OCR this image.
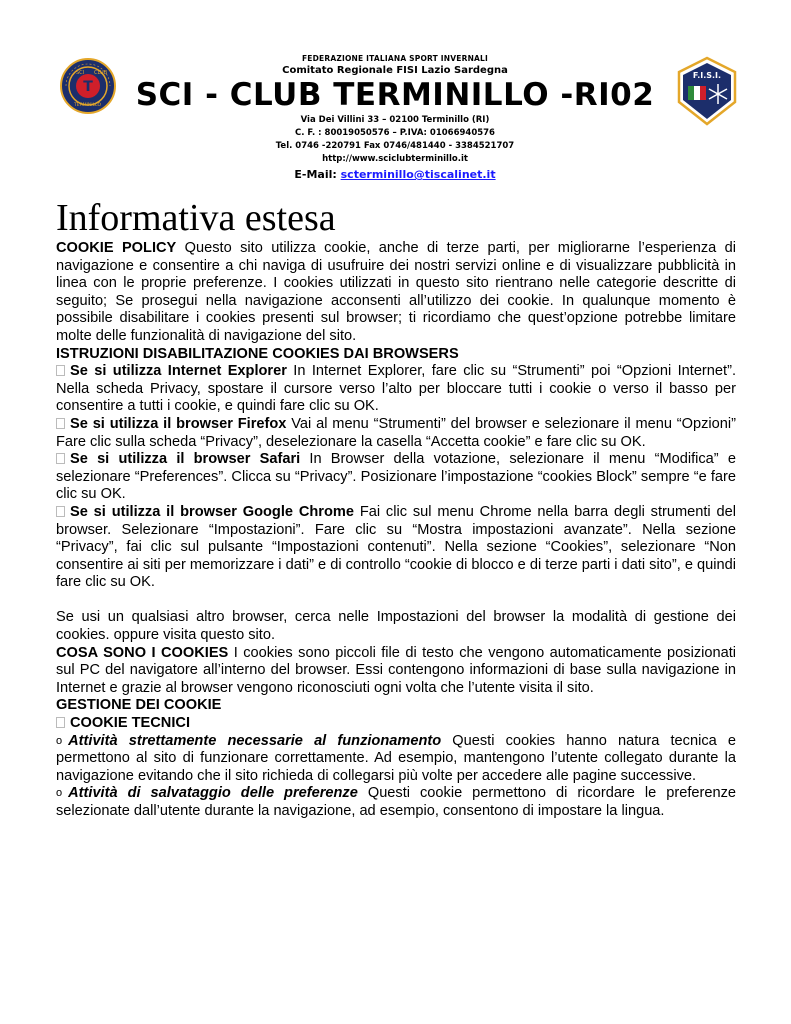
T
SCI CLUB
TERMINILLO
FEDERAZIONE ITALIANA SPORT INVERNALI
Comitato Regionale FISI Lazio Sardegna
SCI - CLUB TERMINILLO -RI02
Via Dei Villini 33 – 02100 Terminillo (RI)
C. F. : 80019050576 – P.IVA: 01066940576
Tel. 0746 -220791 Fax 0746/481440 - 3384521707
http://www.sciclubterminillo.it
E-Mail: scterminillo@tiscalinet.it
F.I.S.I.
Informativa estesa

COOKIE POLICY Questo sito utilizza cookie, anche di terze parti, per migliorarne l’esperienza di navigazione e consentire a chi naviga di usufruire dei nostri servizi online e di visualizzare pubblicità in linea con le proprie preferenze. I cookies utilizzati in questo sito rientrano nelle categorie descritte di seguito; Se prosegui nella navigazione acconsenti all’utilizzo dei cookie. In qualunque momento è possibile disabilitare i cookies presenti sul browser; ti ricordiamo che quest’opzione potrebbe limitare molte delle funzionalità di navigazione del sito.

ISTRUZIONI DISABILITAZIONE COOKIES DAI BROWSERS

Se si utilizza Internet Explorer In Internet Explorer, fare clic su “Strumenti” poi “Opzioni Internet”. Nella scheda Privacy, spostare il cursore verso l’alto per bloccare tutti i cookie o verso il basso per consentire a tutti i cookie, e quindi fare clic su OK.

Se si utilizza il browser Firefox Vai al menu “Strumenti” del browser e selezionare il menu “Opzioni” Fare clic sulla scheda “Privacy”, deselezionare la casella “Accetta cookie” e fare clic su OK.

Se si utilizza il browser Safari In Browser della votazione, selezionare il menu “Modifica” e selezionare “Preferences”. Clicca su “Privacy”. Posizionare l’impostazione “cookies Block” sempre “e fare clic su OK.

Se si utilizza il browser Google Chrome Fai clic sul menu Chrome nella barra degli strumenti del browser. Selezionare “Impostazioni”. Fare clic su “Mostra impostazioni avanzate”. Nella sezione “Privacy”, fai clic sul pulsante “Impostazioni contenuti”. Nella sezione “Cookies”, selezionare “Non consentire ai siti per memorizzare i dati” e di controllo “cookie di blocco e di terze parti i dati sito”, e quindi fare clic su OK.

Se usi un qualsiasi altro browser, cerca nelle Impostazioni del browser la modalità di gestione dei cookies. oppure visita questo sito.

COSA SONO I COOKIES I cookies sono piccoli file di testo che vengono automaticamente posizionati sul PC del navigatore all’interno del browser. Essi contengono informazioni di base sulla navigazione in Internet e grazie al browser vengono riconosciuti ogni volta che l’utente visita il sito.

GESTIONE DEI COOKIE

COOKIE TECNICI

o Attività strettamente necessarie al funzionamento Questi cookies hanno natura tecnica e permettono al sito di funzionare correttamente. Ad esempio, mantengono l’utente collegato durante la navigazione evitando che il sito richieda di collegarsi più volte per accedere alle pagine successive.

o Attività di salvataggio delle preferenze Questi cookie permettono di ricordare le preferenze selezionate dall’utente durante la navigazione, ad esempio, consentono di impostare la lingua.
